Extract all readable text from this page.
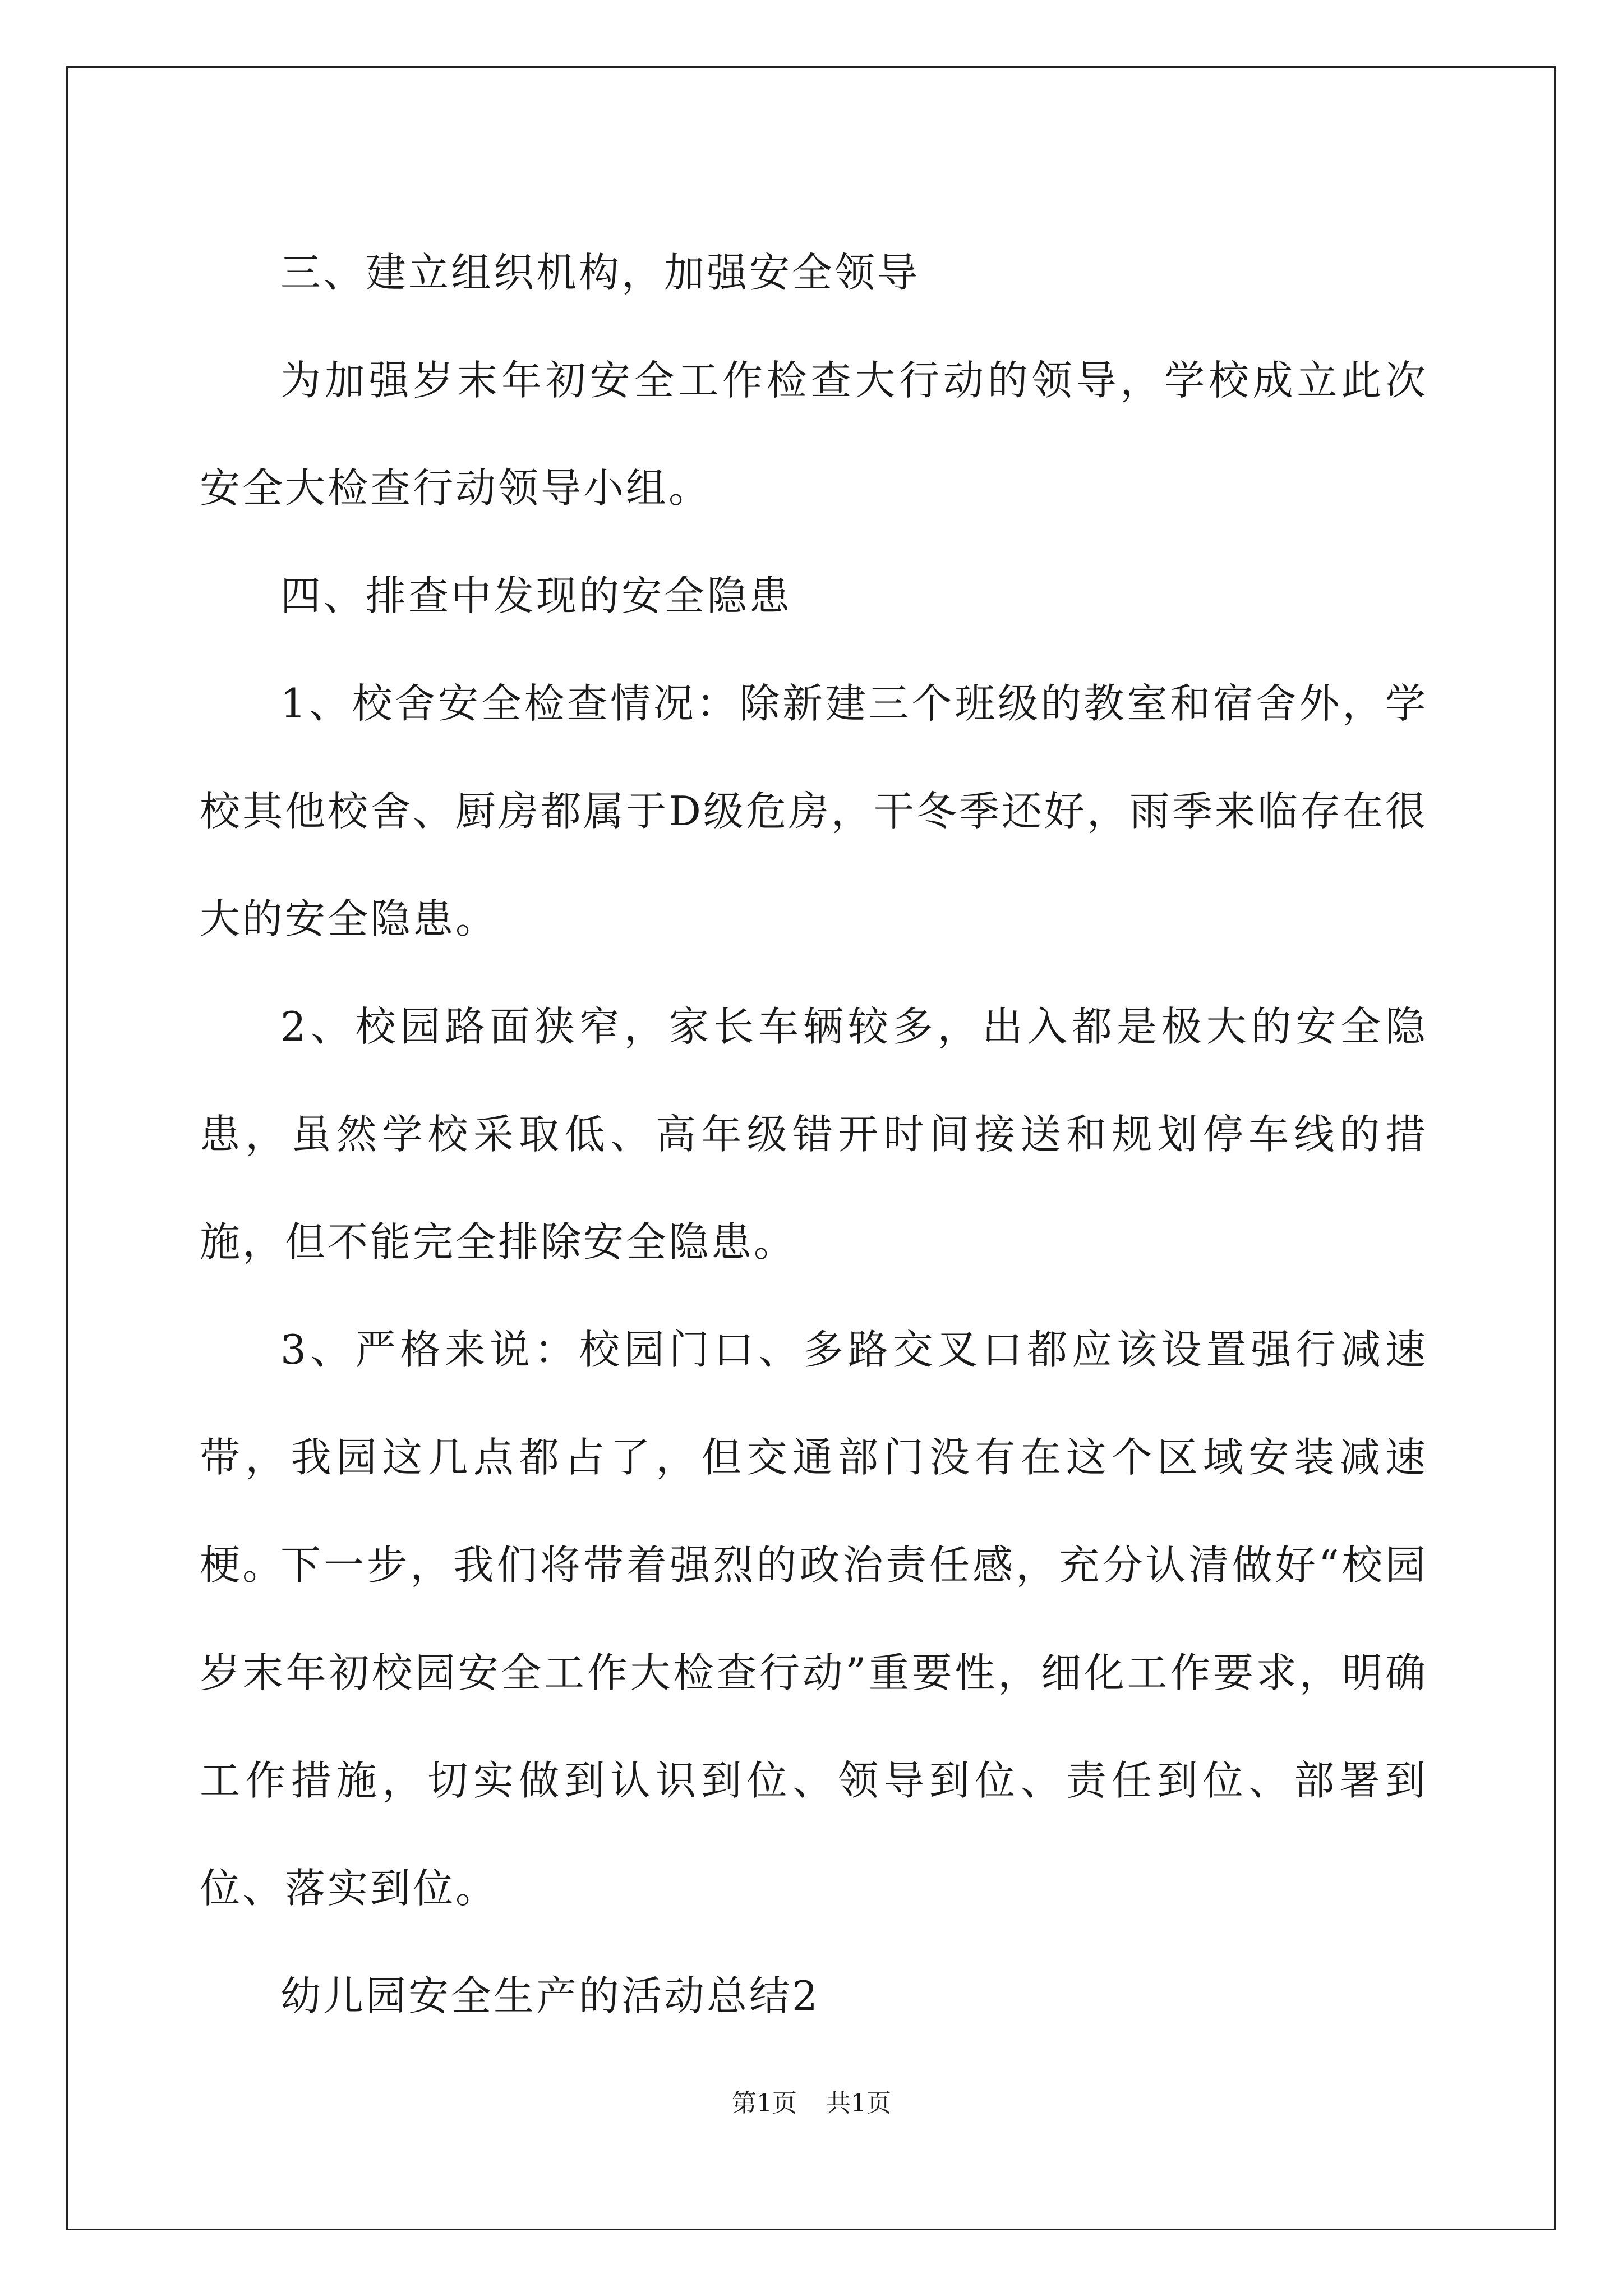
三、建立组织机构，加强安全领导

为加强岁末年初安全工作检查大行动的领导，学校成立此次安全大检查行动领导小组。

四、排查中发现的安全隐患

1、校舍安全检查情况：除新建三个班级的教室和宿舍外，学校其他校舍、厨房都属于D级危房，干冬季还好，雨季来临存在很大的安全隐患。

2、校园路面狭窄，家长车辆较多，出入都是极大的安全隐患，虽然学校采取低、高年级错开时间接送和规划停车线的措施，但不能完全排除安全隐患。

3、严格来说：校园门口、多路交叉口都应该设置强行减速带，我园这几点都占了，但交通部门没有在这个区域安装减速梗。

下一步，我们将带着强烈的政治责任感，充分认清做好“校园岁末年初校园安全工作大检查行动”重要性，细化工作要求，明确工作措施，切实做到认识到位、领导到位、责任到位、部署到位、落实到位。

幼儿园安全生产的活动总结2

第1页 共1页
